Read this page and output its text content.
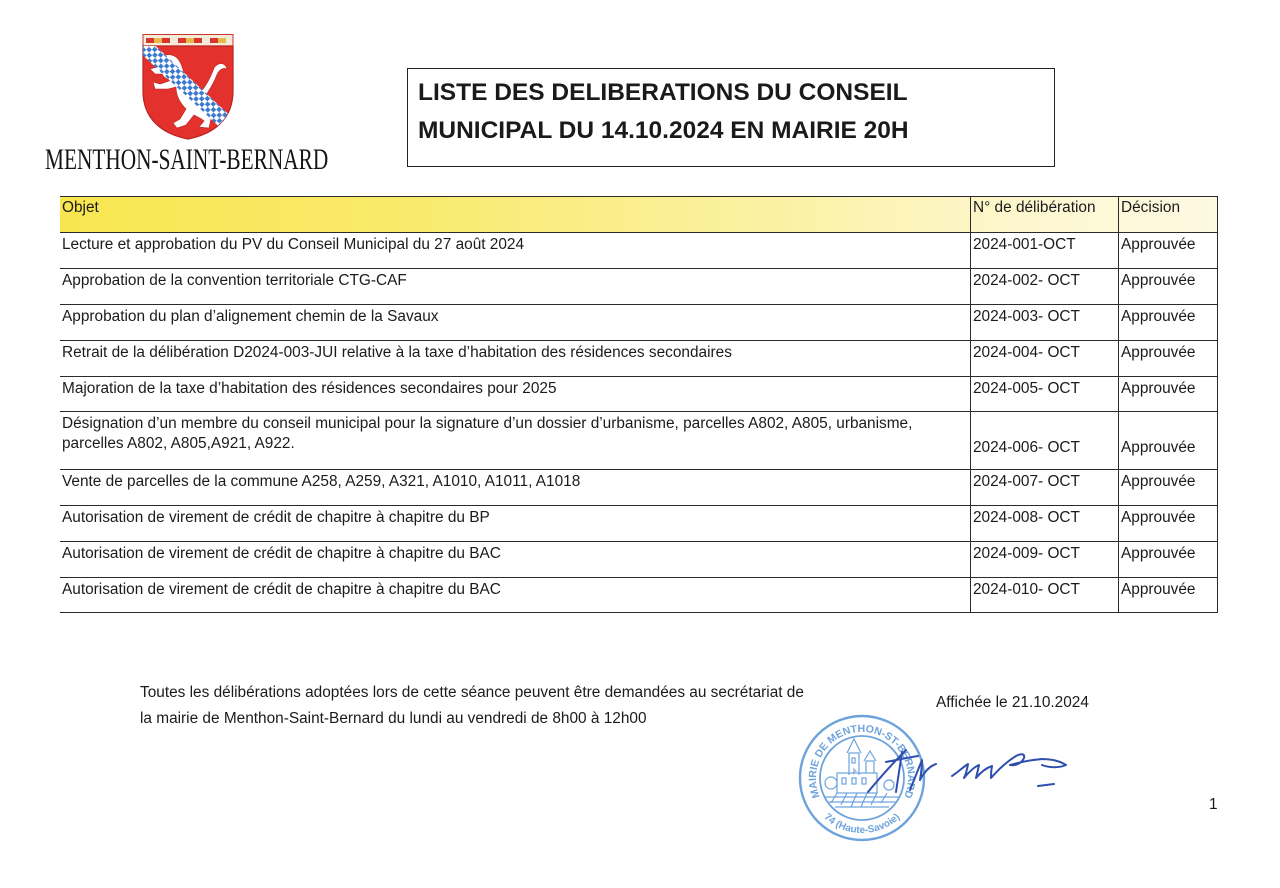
MENTHON-SAINT-BERNARD
LISTE DES DELIBERATIONS DU CONSEIL
MUNICIPAL DU 14.10.2024 EN MAIRIE 20H
Objet	N° de délibération	Décision
Lecture et approbation du PV du Conseil Municipal du 27 août 2024	2024-001-OCT	Approuvée
Approbation de la convention territoriale CTG-CAF	2024-002- OCT	Approuvée
Approbation du plan d’alignement chemin de la Savaux	2024-003- OCT	Approuvée
Retrait de la délibération D2024-003-JUI relative à la taxe d’habitation des résidences secondaires	2024-004- OCT	Approuvée
Majoration de la taxe d’habitation des résidences secondaires pour 2025	2024-005- OCT	Approuvée
Désignation d’un membre du conseil municipal pour la signature d’un dossier d’urbanisme, parcelles A802, A805, urbanisme,
parcelles A802, A805,A921, A922.	2024-006- OCT	Approuvée
Vente de parcelles de la commune A258, A259, A321, A1010, A1011, A1018	2024-007- OCT	Approuvée
Autorisation de virement de crédit de chapitre à chapitre du BP	2024-008- OCT	Approuvée
Autorisation de virement de crédit de chapitre à chapitre du BAC	2024-009- OCT	Approuvée
Autorisation de virement de crédit de chapitre à chapitre du BAC	2024-010- OCT	Approuvée
Toutes les délibérations adoptées lors de cette séance peuvent être demandées au secrétariat de
la mairie de Menthon-Saint-Bernard du lundi au vendredi de 8h00 à 12h00
Affichée le 21.10.2024
MAIRIE DE MENTHON-ST-BERNARD
74 (Haute-Savoie)
1
